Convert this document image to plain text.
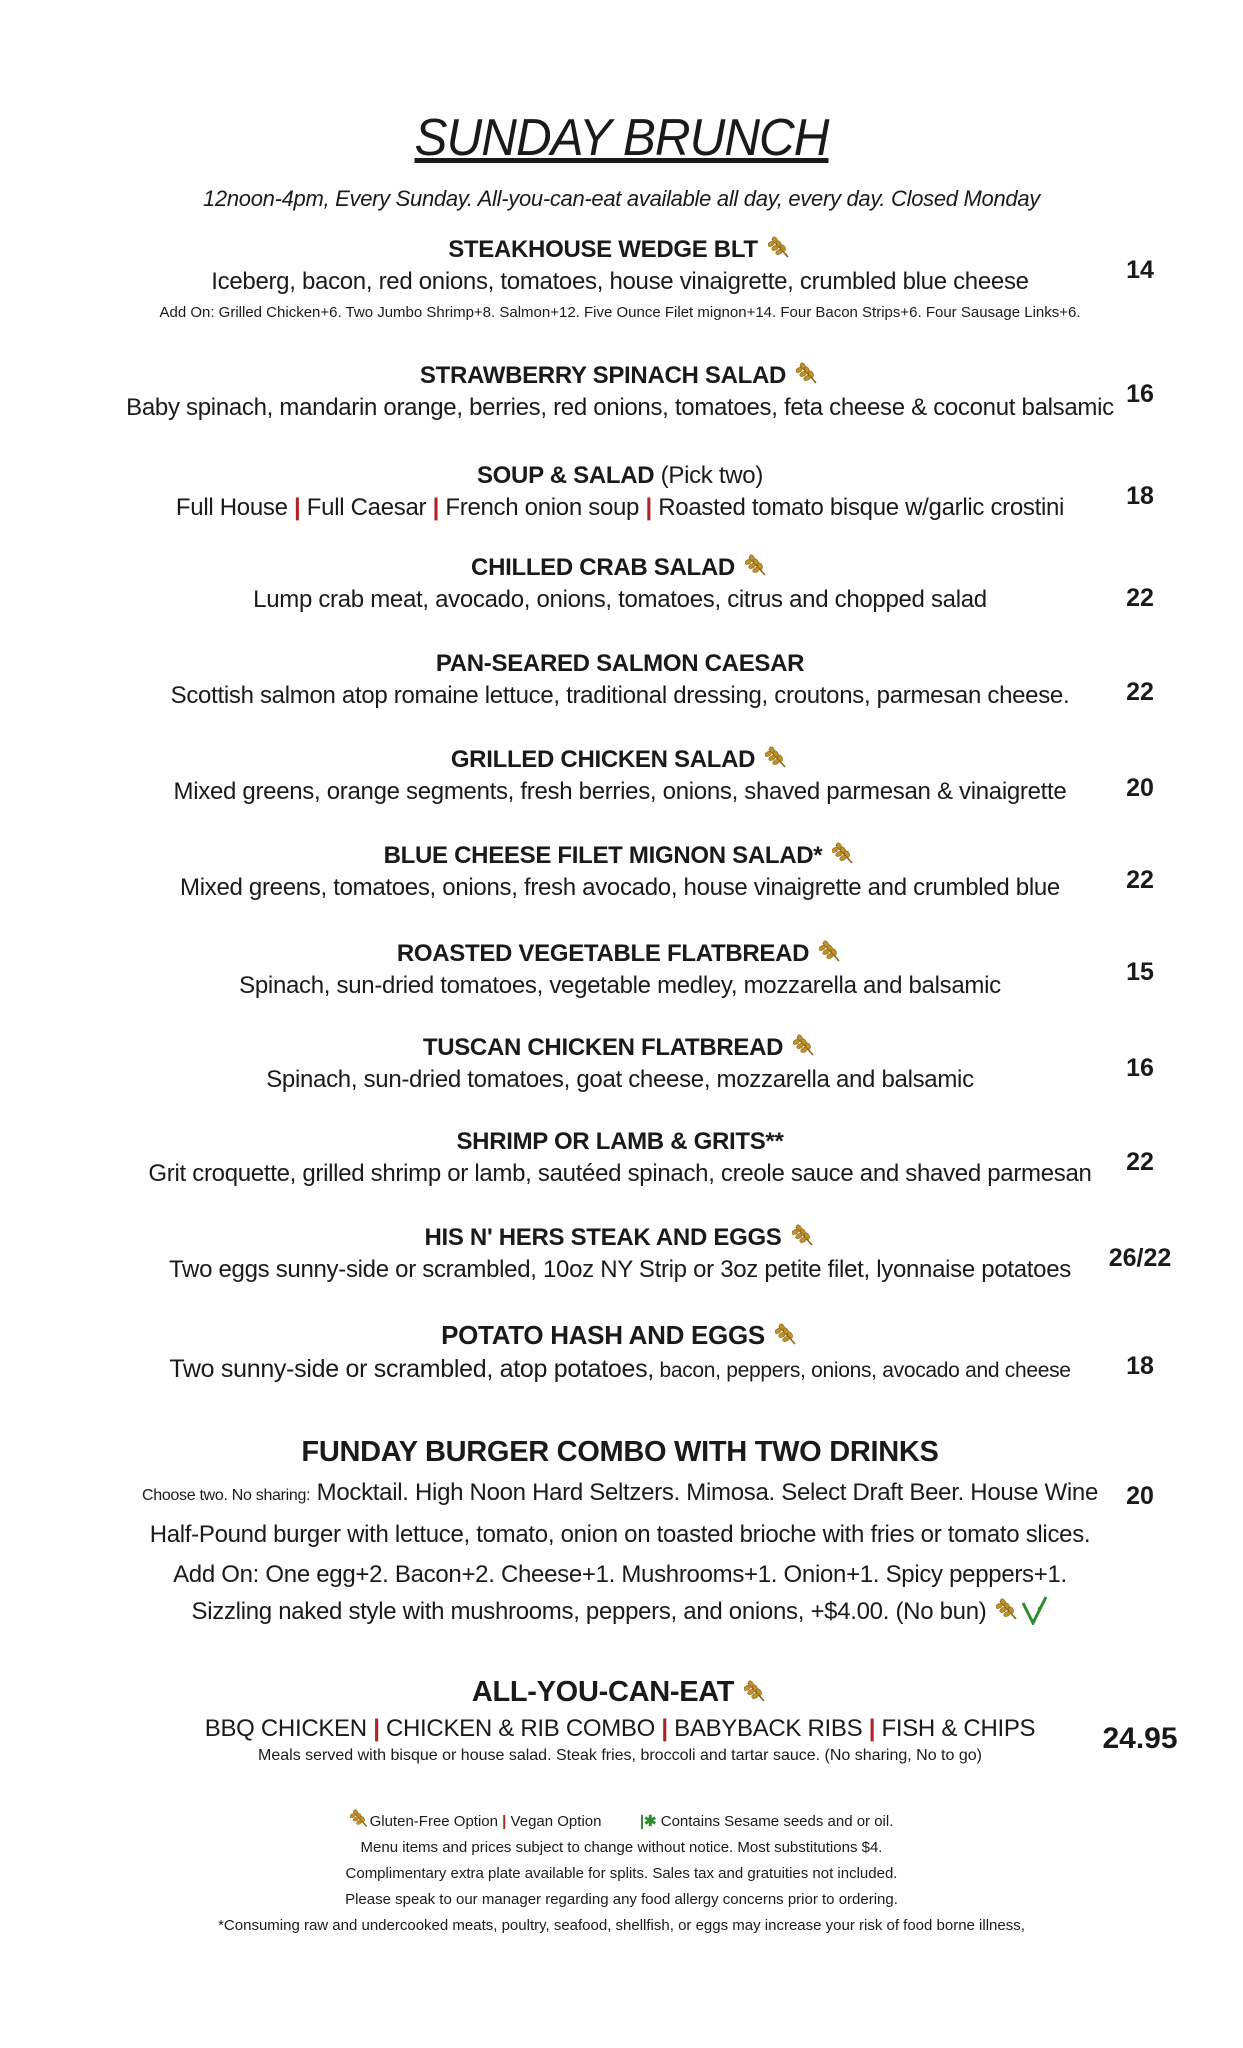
SUNDAY BRUNCH
12noon-4pm, Every Sunday. All-you-can-eat available all day, every day. Closed Monday
STEAKHOUSE WEDGE BLT
Iceberg, bacon, red onions, tomatoes, house vinaigrette, crumbled blue cheese
Add On: Grilled Chicken+6. Two Jumbo Shrimp+8. Salmon+12. Five Ounce Filet mignon+14. Four Bacon Strips+6. Four Sausage Links+6.
14
STRAWBERRY SPINACH SALAD
Baby spinach, mandarin orange, berries, red onions, tomatoes, feta cheese & coconut balsamic 16
SOUP & SALAD (Pick two)
Full House | Full Caesar | French onion soup | Roasted tomato bisque w/garlic crostini	18
CHILLED CRAB SALAD
Lump crab meat, avocado, onions, tomatoes, citrus and chopped salad	22
PAN-SEARED SALMON CAESAR
Scottish salmon atop romaine lettuce, traditional dressing, croutons, parmesan cheese.	22
GRILLED CHICKEN SALAD
Mixed greens, orange segments, fresh berries, onions, shaved parmesan & vinaigrette	20
BLUE CHEESE FILET MIGNON SALAD*
Mixed greens, tomatoes, onions, fresh avocado, house vinaigrette and crumbled blue	22
ROASTED VEGETABLE FLATBREAD
Spinach, sun-dried tomatoes, vegetable medley, mozzarella and balsamic	15
TUSCAN CHICKEN FLATBREAD
Spinach, sun-dried tomatoes, goat cheese, mozzarella and balsamic	16
SHRIMP OR LAMB & GRITS**
Grit croquette, grilled shrimp or lamb, sautéed spinach, creole sauce and shaved parmesan	22
HIS N' HERS STEAK AND EGGS
Two eggs sunny-side or scrambled, 10oz NY Strip or 3oz petite filet, lyonnaise potatoes	26/22
POTATO HASH AND EGGS
Two sunny-side or scrambled, atop potatoes, bacon, peppers, onions, avocado and cheese	18
FUNDAY BURGER COMBO WITH TWO DRINKS
Choose two. No sharing: Mocktail. High Noon Hard Seltzers. Mimosa. Select Draft Beer. House Wine
Half-Pound burger with lettuce, tomato, onion on toasted brioche with fries or tomato slices.
Add On: One egg+2. Bacon+2. Cheese+1. Mushrooms+1. Onion+1. Spicy peppers+1.
Sizzling naked style with mushrooms, peppers, and onions, +$4.00. (No bun)
20
ALL-YOU-CAN-EAT
BBQ CHICKEN | CHICKEN & RIB COMBO | BABYBACK RIBS | FISH & CHIPS
Meals served with bisque or house salad. Steak fries, broccoli and tartar sauce. (No sharing, No to go)
24.95
Gluten-Free Option | Vegan Option	|✱ Contains Sesame seeds and or oil.
Menu items and prices subject to change without notice. Most substitutions $4.
Complimentary extra plate available for splits. Sales tax and gratuities not included.
Please speak to our manager regarding any food allergy concerns prior to ordering.
*Consuming raw and undercooked meats, poultry, seafood, shellfish, or eggs may increase your risk of food borne illness,
